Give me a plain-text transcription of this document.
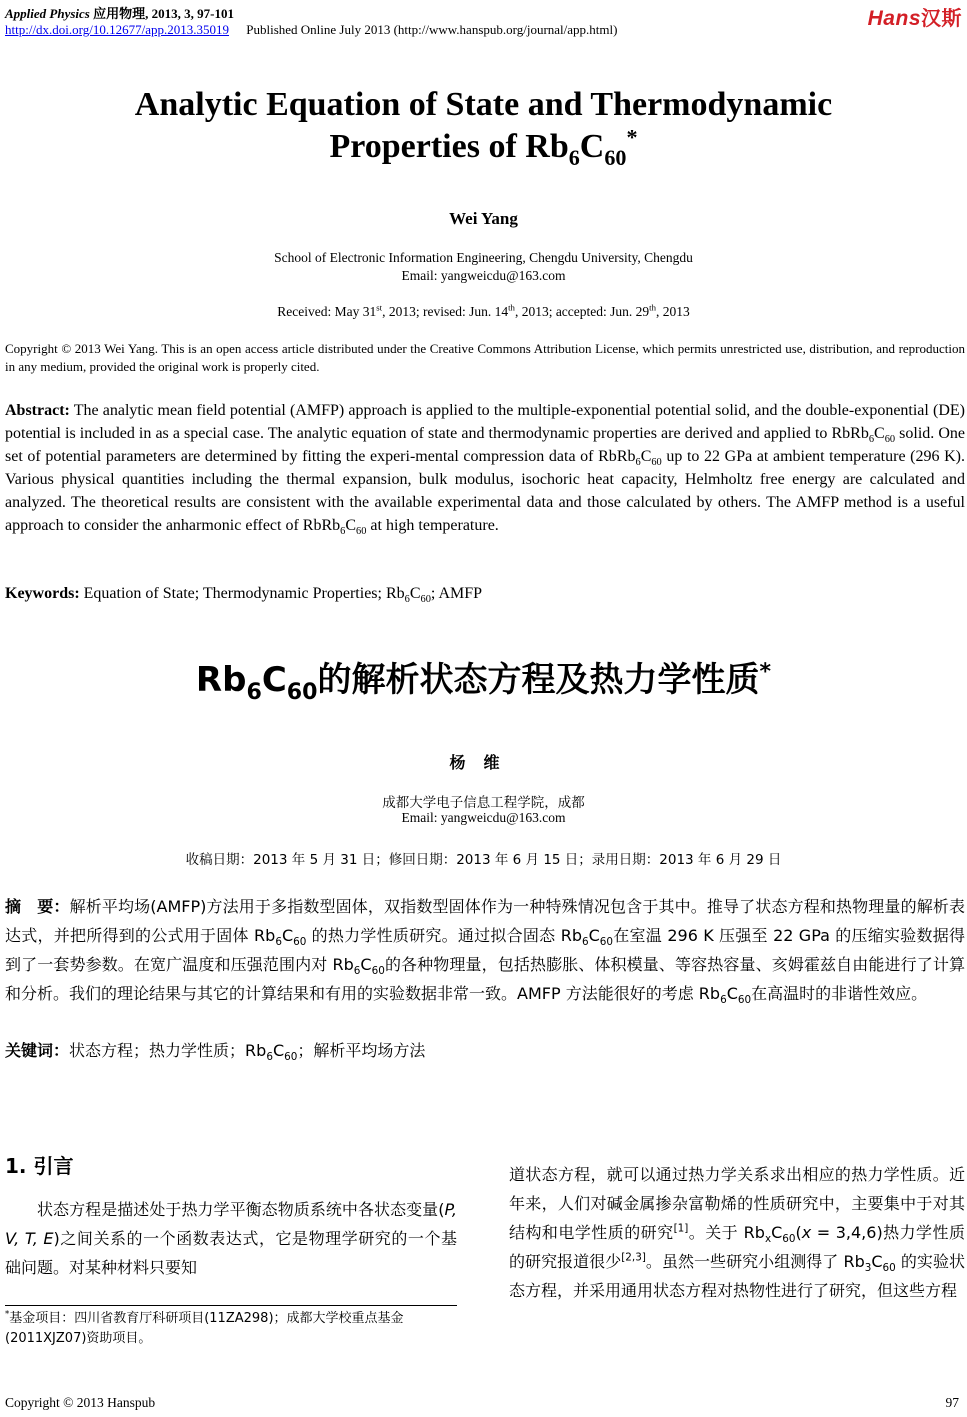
Applied Physics 应用物理, 2013, 3, 97-101
http://dx.doi.org/10.12677/app.2013.35019 Published Online July 2013 (http://www.hanspub.org/journal/app.html)	Hans汉斯
Analytic Equation of State and Thermodynamic
Properties of $Rb_6C_{60}^*$
Wei Yang
School of Electronic Information Engineering, Chengdu University, Chengdu
Email: yangweicdu@163.com
Received: May 31st, 2013; revised: Jun. 14th, 2013; accepted: Jun. 29th, 2013
Copyright © 2013 Wei Yang. This is an open access article distributed under the Creative Commons Attribution License, which permits unrestricted use, distribution, and reproduction in any medium, provided the original work is properly cited.
Abstract: The analytic mean field potential (AMFP) approach is applied to the multiple-exponential potential solid, and the double-exponential (DE) potential is included in as a special case. The analytic equation of state and thermodynamic properties are derived and applied to $RbRb_6C_{60}$ solid. One set of potential parameters are determined by fitting the experi-mental compression data of $RbRb_6C_{60}$ up to 22 GPa at ambient temperature (296 K). Various physical quantities including the thermal expansion, bulk modulus, isochoric heat capacity, Helmholtz free energy are calculated and analyzed. The theoretical results are consistent with the available experimental data and those calculated by others. The AMFP method is a useful approach to consider the anharmonic effect of $RbRb_6C_{60}$ at high temperature.
Keywords: Equation of State; Thermodynamic Properties; $Rb_6C_{60}$; AMFP
$Rb_6C_{60}$的解析状态方程及热力学性质*
杨维
成都大学电子信息工程学院，成都
Email: yangweicdu@163.com
收稿日期：2013 年 5 月 31 日；修回日期：2013 年 6 月 15 日；录用日期：2013 年 6 月 29 日
摘　要：解析平均场(AMFP)方法用于多指数型固体，双指数型固体作为一种特殊情况包含于其中。推导了状态方程和热物理量的解析表达式，并把所得到的公式用于固体 $Rb_6C_{60}$ 的热力学性质研究。通过拟合固态 $Rb_6C_{60}$在室温 296 K 压强至 22 GPa 的压缩实验数据得到了一套势参数。在宽广温度和压强范围内对 $Rb_6C_{60}$的各种物理量，包括热膨胀、体积模量、等容热容量、亥姆霍兹自由能进行了计算和分析。我们的理论结果与其它的计算结果和有用的实验数据非常一致。AMFP 方法能很好的考虑 $Rb_6C_{60}$在高温时的非谐性效应。
关键词：状态方程；热力学性质；$Rb_6C_{60}$；解析平均场方法
1. 引言
状态方程是描述处于热力学平衡态物质系统中各状态变量(P, V, T, E)之间关系的一个函数表达式，它是物理学研究的一个基础问题。对某种材料只要知
*基金项目：四川省教育厅科研项目(11ZA298)；成都大学校重点基金(2011XJZ07)资助项目。
道状态方程，就可以通过热力学关系求出相应的热力学性质。近年来，人们对碱金属掺杂富勒烯的性质研究中，主要集中于对其结构和电学性质的研究[1]。关于 $Rb_xC_{60}(x = 3,4,6)$热力学性质的研究报道很少[2,3]。虽然一些研究小组测得了 $Rb_3C_{60}$ 的实验状态方程，并采用通用状态方程对热物性进行了研究，但这些方程
Copyright © 2013 Hanspub	97
